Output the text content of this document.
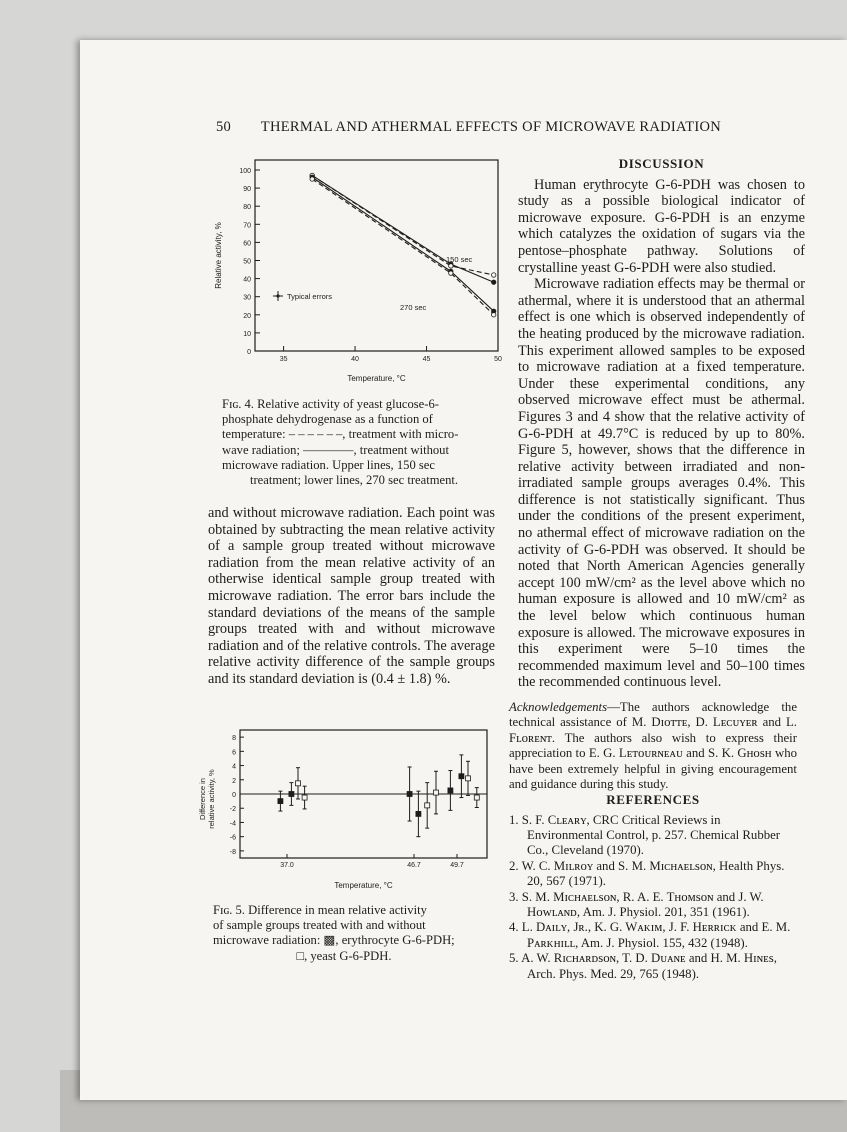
50 THERMAL AND ATHERMAL EFFECTS OF MICROWAVE RADIATION
0
10
20
30
40
50
60
70
80
90
100
35	40	45	50
Temperature, °C
Relative activity, %	150 sec
270 sec
Typical errors
Fɪɢ. 4. Relative activity of yeast glucose-6-
phosphate dehydrogenase as a function of
temperature: – – – – – –, treatment with micro-
wave radiation; ————, treatment without
microwave radiation. Upper lines, 150 sec
treatment; lower lines, 270 sec treatment.

and without microwave radiation. Each point was obtained by subtracting the mean relative activity of a sample group treated without microwave radiation from the mean relative activity of an otherwise identical sample group treated with microwave radiation. The error bars include the standard deviations of the means of the sample groups treated with and without microwave radiation and of the relative controls. The average relative activity difference of the sample groups and its standard deviation is (0.4 ± 1.8) %.

8
6
4
2
0
-2
-4
-6
-8
37.0	46.7	49.7
Temperature, °C
Difference in relative activity, %
Fɪɢ. 5. Difference in mean relative activity
of sample groups treated with and without
microwave radiation: ▩, erythrocyte G-6-PDH;
□, yeast G-6-PDH.
DISCUSSION

Human erythrocyte G-6-PDH was chosen to study as a possible biological indicator of microwave exposure. G-6-PDH is an enzyme which catalyzes the oxidation of sugars via the pentose–phosphate pathway. Solutions of crystalline yeast G-6-PDH were also studied.

Microwave radiation effects may be thermal or athermal, where it is understood that an athermal effect is one which is observed independently of the heating produced by the microwave radiation. This experiment allowed samples to be exposed to microwave radiation at a fixed temperature. Under these experimental conditions, any observed microwave effect must be athermal. Figures 3 and 4 show that the relative activity of G-6-PDH at 49.7°C is reduced by up to 80%. Figure 5, however, shows that the difference in relative activity between irradiated and non-irradiated sample groups averages 0.4%. This difference is not statistically significant. Thus under the conditions of the present experiment, no athermal effect of microwave radiation on the activity of G-6-PDH was observed. It should be noted that North American Agencies generally accept 100 mW/cm² as the level above which no human exposure is allowed and 10 mW/cm² as the level below which continuous human exposure is allowed. The microwave exposures in this experiment were 5–10 times the recommended maximum level and 50–100 times the recommended continuous level.

Acknowledgements—The authors acknowledge the technical assistance of M. Dɪᴏᴛᴛᴇ, D. Lᴇᴄᴜʏᴇʀ and L. Fʟᴏʀᴇɴᴛ. The authors also wish to express their appreciation to E. G. Lᴇᴛᴏᴜʀɴᴇᴀᴜ and S. K. Gʜᴏsʜ who have been extremely helpful in giving encouragement and guidance during this study.

REFERENCES
1. S. F. Cʟᴇᴀʀʏ, CRC Critical Reviews in Environmental Control, p. 257. Chemical Rubber Co., Cleveland (1970).
2. W. C. Mɪʟʀᴏʏ and S. M. Mɪᴄʜᴀᴇʟsᴏɴ, Health Phys. 20, 567 (1971).
3. S. M. Mɪᴄʜᴀᴇʟsᴏɴ, R. A. E. Tʜᴏᴍsᴏɴ and J. W. Hᴏᴡʟᴀɴᴅ, Am. J. Physiol. 201, 351 (1961).
4. L. Dᴀɪʟʏ, Jʀ., K. G. Wᴀᴋɪᴍ, J. F. Hᴇʀʀɪᴄᴋ and E. M. Pᴀʀᴋʜɪʟʟ, Am. J. Physiol. 155, 432 (1948).
5. A. W. Rɪᴄʜᴀʀᴅsᴏɴ, T. D. Dᴜᴀɴᴇ and H. M. Hɪɴᴇs, Arch. Phys. Med. 29, 765 (1948).
